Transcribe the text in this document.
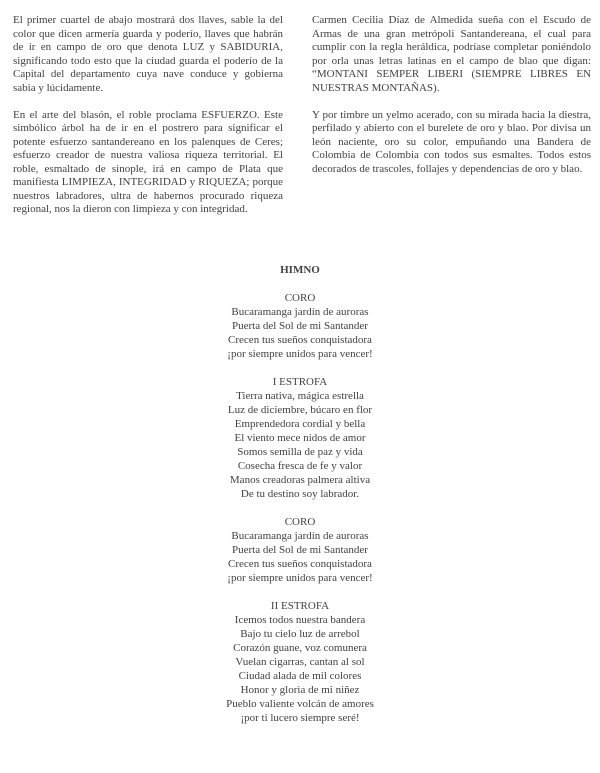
El primer cuartel de abajo mostrará dos llaves, sable la del color que dicen armería guarda y poderío, llaves que habrán de ir en campo de oro que denota LUZ y SABIDURIA, significando todo esto que la ciudad guarda el poderío de la Capital del departamento cuya nave conduce y gobierna sabia y lúcidamente.

En el arte del blasón, el roble proclama ESFUERZO. Este simbólico árbol ha de ir en el postrero para significar el potente esfuerzo santandereano en los palenques de Ceres; esfuerzo creador de nuestra valiosa riqueza territorial. El roble, esmaltado de sinople, irá en campo de Plata que manifiesta LIMPIEZA, INTEGRIDAD y RIQUEZA; porque nuestros labradores, ultra de habernos procurado riqueza regional, nos la dieron con limpieza y con integridad.

Carmen Cecilia Díaz de Almedida sueña con el Escudo de Armas de una gran metrópoli Santandereana, el cual para cumplir con la regla heráldica, podríase completar poniéndolo por orla unas letras latinas en el campo de blao que digan: “MONTANI SEMPER LIBERI (SIEMPRE LIBRES EN NUESTRAS MONTAÑAS).

Y por timbre un yelmo acerado, con su mirada hacia la diestra, perfilado y abierto con el burelete de oro y blao. Por divisa un león naciente, oro su color, empuñando una Bandera de Colombia de Colombia con todos sus esmaltes. Todos estos decorados de trascoles, follajes y dependencias de oro y blao.

HIMNO
CORO
Bucaramanga jardín de auroras
Puerta del Sol de mi Santander
Crecen tus sueños conquistadora
¡por siempre unidos para vencer!
I ESTROFA
Tierra nativa, mágica estrella
Luz de diciembre, búcaro en flor
Emprendedora cordial y bella
El viento mece nidos de amor
Somos semilla de paz y vida
Cosecha fresca de fe y valor
Manos creadoras palmera altiva
De tu destino soy labrador.
CORO
Bucaramanga jardín de auroras
Puerta del Sol de mi Santander
Crecen tus sueños conquistadora
¡por siempre unidos para vencer!
II ESTROFA
Icemos todos nuestra bandera
Bajo tu cielo luz de arrebol
Corazón guane, voz comunera
Vuelan cigarras, cantan al sol
Ciudad alada de mil colores
Honor y gloria de mi niñez
Pueblo valiente volcán de amores
¡por ti lucero siempre seré!
